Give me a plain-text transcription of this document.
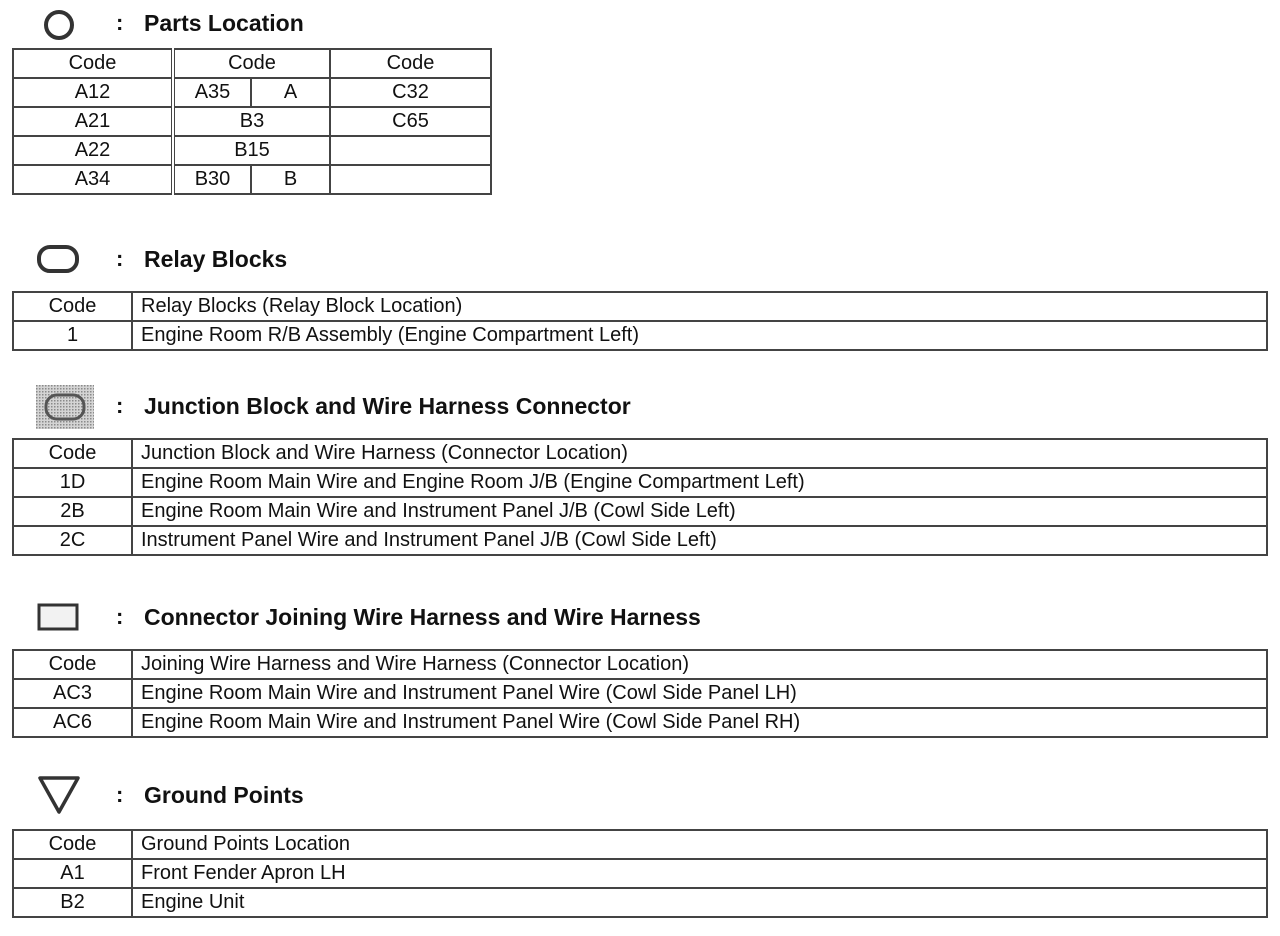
: Parts Location
Code	Code		Code
A12	A35	A	C32
A21	B3		C65
A22	B15		
A34	B30	B	
: Relay Blocks
Code	Relay Blocks (Relay Block Location)
1	Engine Room R/B Assembly (Engine Compartment Left)
: Junction Block and Wire Harness Connector
Code	Junction Block and Wire Harness (Connector Location)
1D	Engine Room Main Wire and Engine Room J/B (Engine Compartment Left)
2B	Engine Room Main Wire and Instrument Panel J/B (Cowl Side Left)
2C	Instrument Panel Wire and Instrument Panel J/B (Cowl Side Left)
: Connector Joining Wire Harness and Wire Harness
Code	Joining Wire Harness and Wire Harness (Connector Location)
AC3	Engine Room Main Wire and Instrument Panel Wire (Cowl Side Panel LH)
AC6	Engine Room Main Wire and Instrument Panel Wire (Cowl Side Panel RH)
: Ground Points
Code	Ground Points Location
A1	Front Fender Apron LH
B2	Engine Unit
